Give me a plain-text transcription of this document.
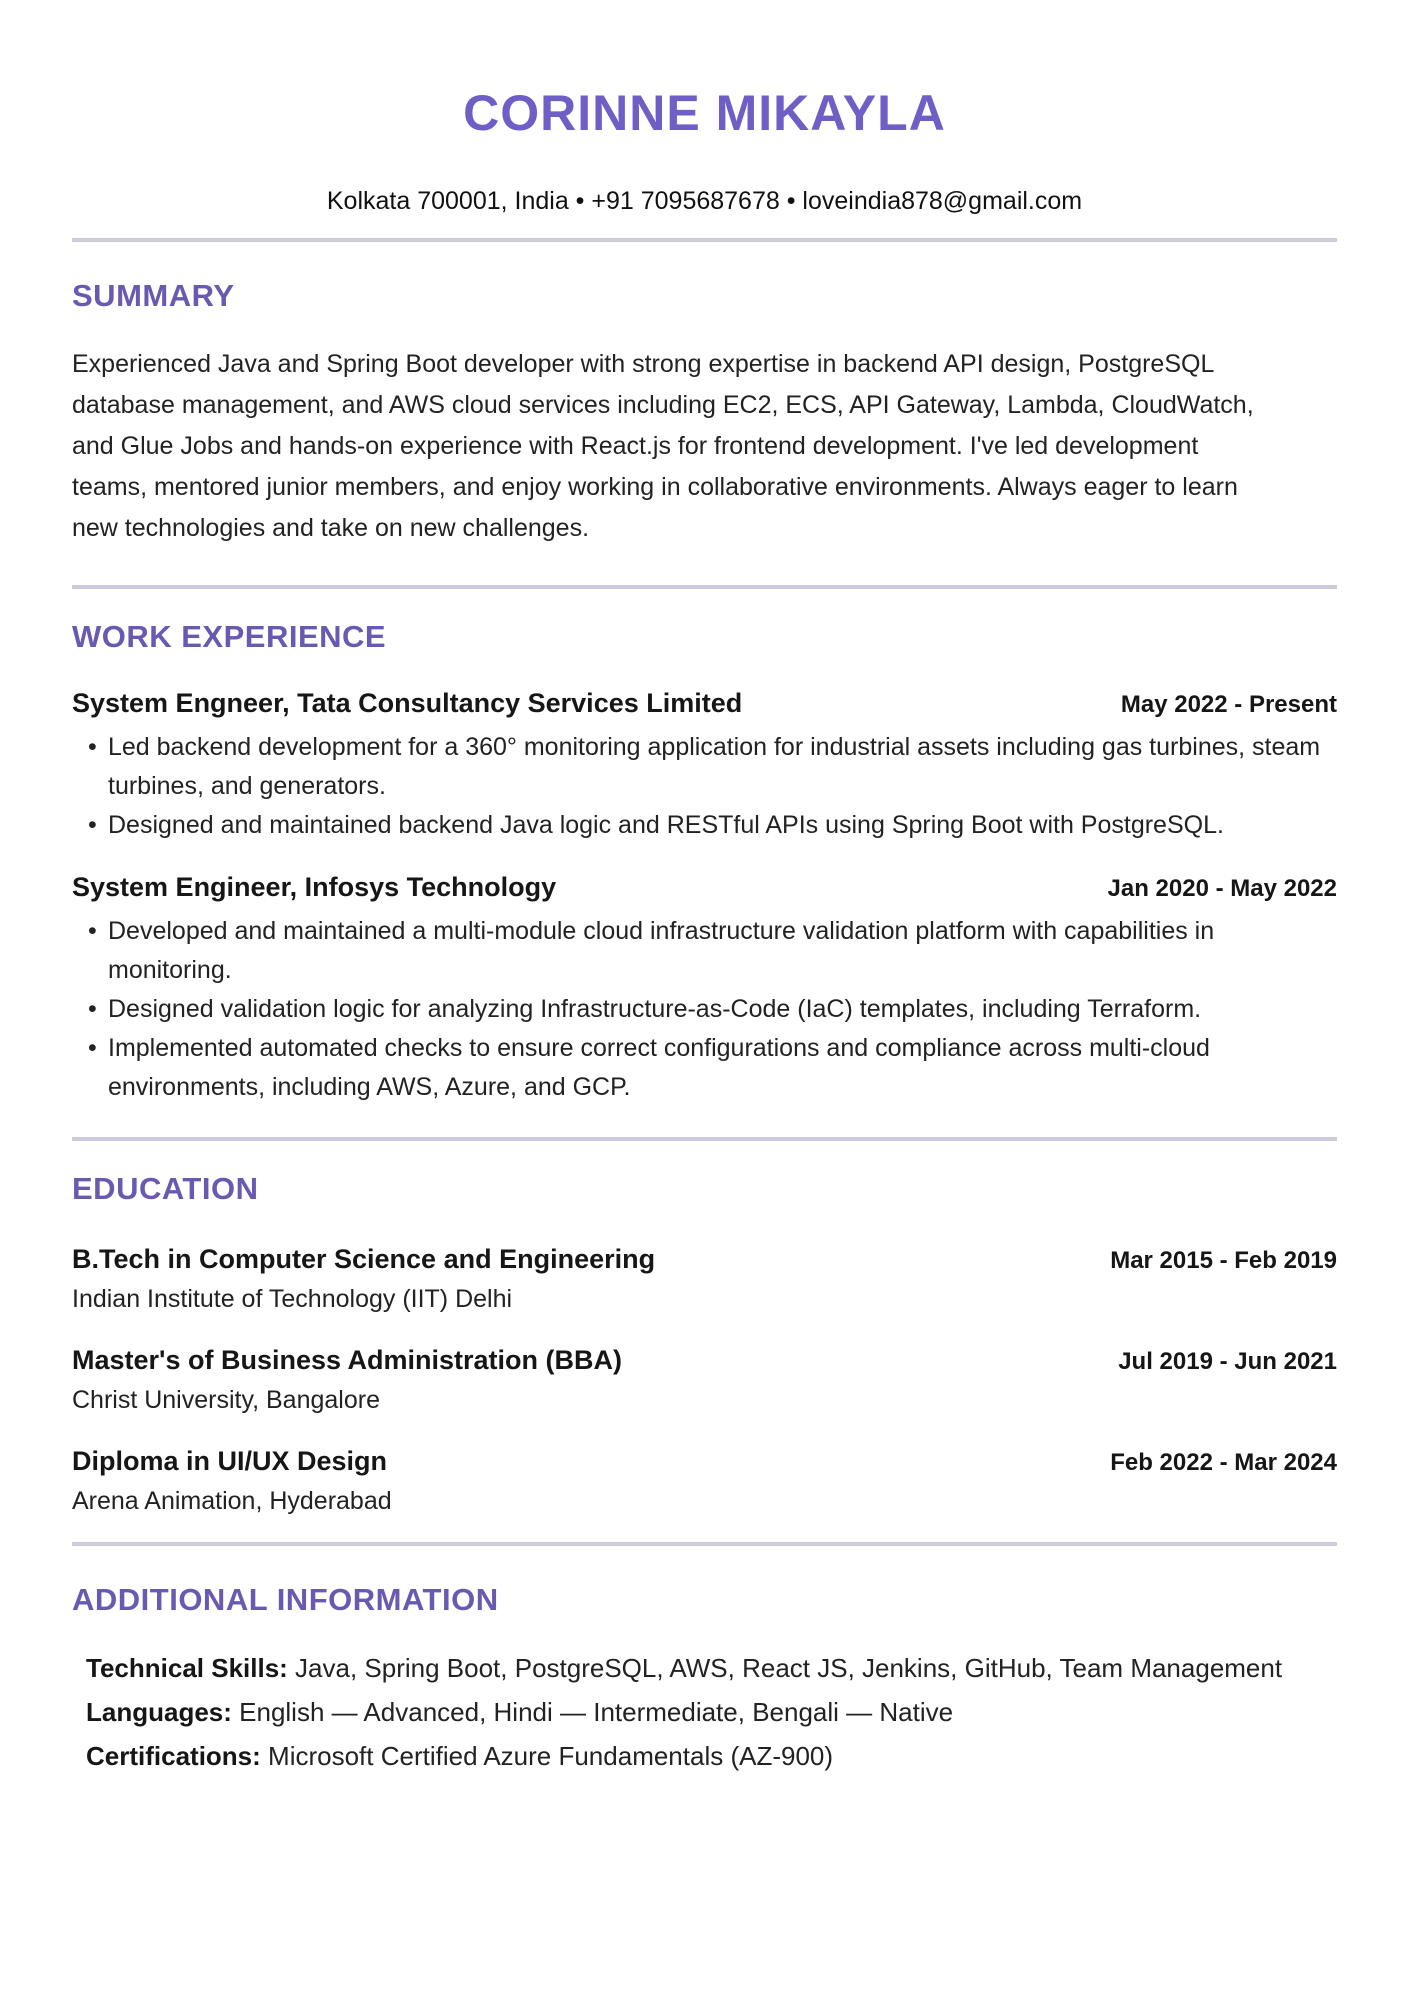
CORINNE MIKAYLA
Kolkata 700001, India • +91 7095687678 • loveindia878@gmail.com
SUMMARY

Experienced Java and Spring Boot developer with strong expertise in backend API design, PostgreSQL database management, and AWS cloud services including EC2, ECS, API Gateway, Lambda, CloudWatch, and Glue Jobs and hands-on experience with React.js for frontend development. I've led development teams, mentored junior members, and enjoy working in collaborative environments. Always eager to learn new technologies and take on new challenges.

WORK EXPERIENCE
System Engneer, Tata Consultancy Services Limited	May 2022 - Present
• Led backend development for a 360° monitoring application for industrial assets including gas turbines, steam turbines, and generators.
• Designed and maintained backend Java logic and RESTful APIs using Spring Boot with PostgreSQL.
System Engineer, Infosys Technology	Jan 2020 - May 2022
• Developed and maintained a multi-module cloud infrastructure validation platform with capabilities in monitoring.
• Designed validation logic for analyzing Infrastructure-as-Code (IaC) templates, including Terraform.
• Implemented automated checks to ensure correct configurations and compliance across multi-cloud environments, including AWS, Azure, and GCP.
EDUCATION
B.Tech in Computer Science and Engineering	Mar 2015 - Feb 2019
Indian Institute of Technology (IIT) Delhi
Master's of Business Administration (BBA)	Jul 2019 - Jun 2021
Christ University, Bangalore
Diploma in UI/UX Design	Feb 2022 - Mar 2024
Arena Animation, Hyderabad
ADDITIONAL INFORMATION
Technical Skills: Java, Spring Boot, PostgreSQL, AWS, React JS, Jenkins, GitHub, Team Management
Languages: English — Advanced, Hindi — Intermediate, Bengali — Native
Certifications: Microsoft Certified Azure Fundamentals (AZ-900)
